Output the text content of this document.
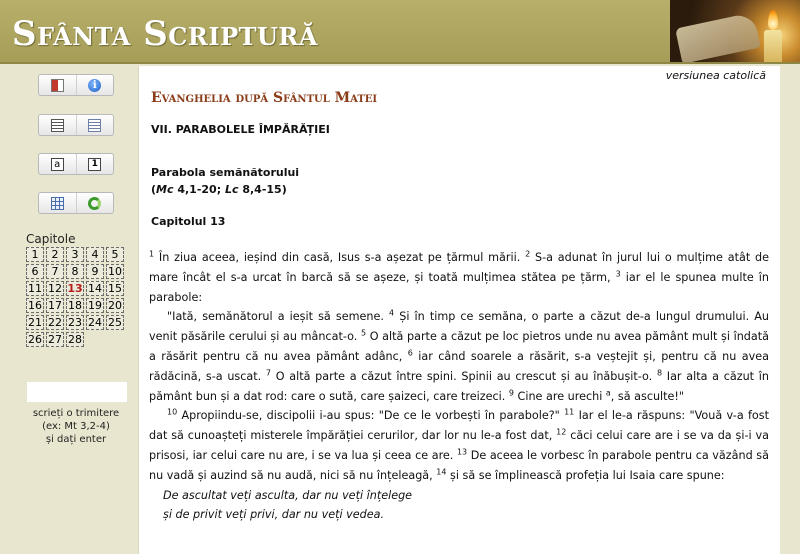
Sfânta Scriptură
i
a	1
Capitole
1	2	3	4	5
6	7	8	9 10
11 12 13 14 15
16 17 18 19 20
21 22 23 24 25
26 27 28
scrieți o trimitere
(ex: Mt 3,2-4)
și dați enter
versiunea catolică
Evanghelia după Sfântul Matei
VII. PARABOLELE ÎMPĂRĂȚIEI
Parabola semănătorului
(Mc 4,1-20; Lc 8,4-15)
Capitolul 13

$^1$ În ziua aceea, ieșind din casă, Isus s-a așezat pe țărmul mării. $^2$ S-a adunat în jurul lui o mulțime atât de mare încât el s-a urcat în barcă să se așeze, și toată mulțimea stătea pe țărm, $^3$ iar el le spunea multe în parabole:

"Iată, semănătorul a ieșit să semene. $^4$ Și în timp ce semăna, o parte a căzut de-a lungul drumului. Au venit păsările cerului și au mâncat-o. $^5$ O altă parte a căzut pe loc pietros unde nu avea pământ mult și îndată a răsărit pentru că nu avea pământ adânc, $^6$ iar când soarele a răsărit, s-a veștejit și, pentru că nu avea rădăcină, s-a uscat. $^7$ O altă parte a căzut între spini. Spinii au crescut și au înăbușit-o. $^8$ Iar alta a căzut în pământ bun și a dat rod: care o sută, care șaizeci, care treizeci. $^9$ Cine are urechi $^a$, să asculte!"

$^{10}$ Apropiindu-se, discipolii i-au spus: "De ce le vorbești în parabole?" $^{11}$ Iar el le-a răspuns: "Vouă v-a fost dat să cunoașteți misterele împărăției cerurilor, dar lor nu le-a fost dat, $^{12}$ căci celui care are i se va da și-i va prisosi, iar celui care nu are, i se va lua și ceea ce are. $^{13}$ De aceea le vorbesc în parabole pentru ca văzând să nu vadă și auzind să nu audă, nici să nu înțeleagă, $^{14}$ și să se împlinească profeția lui Isaia care spune:

De ascultat veți asculta, dar nu veți înțelege
și de privit veți privi, dar nu veți vedea.
